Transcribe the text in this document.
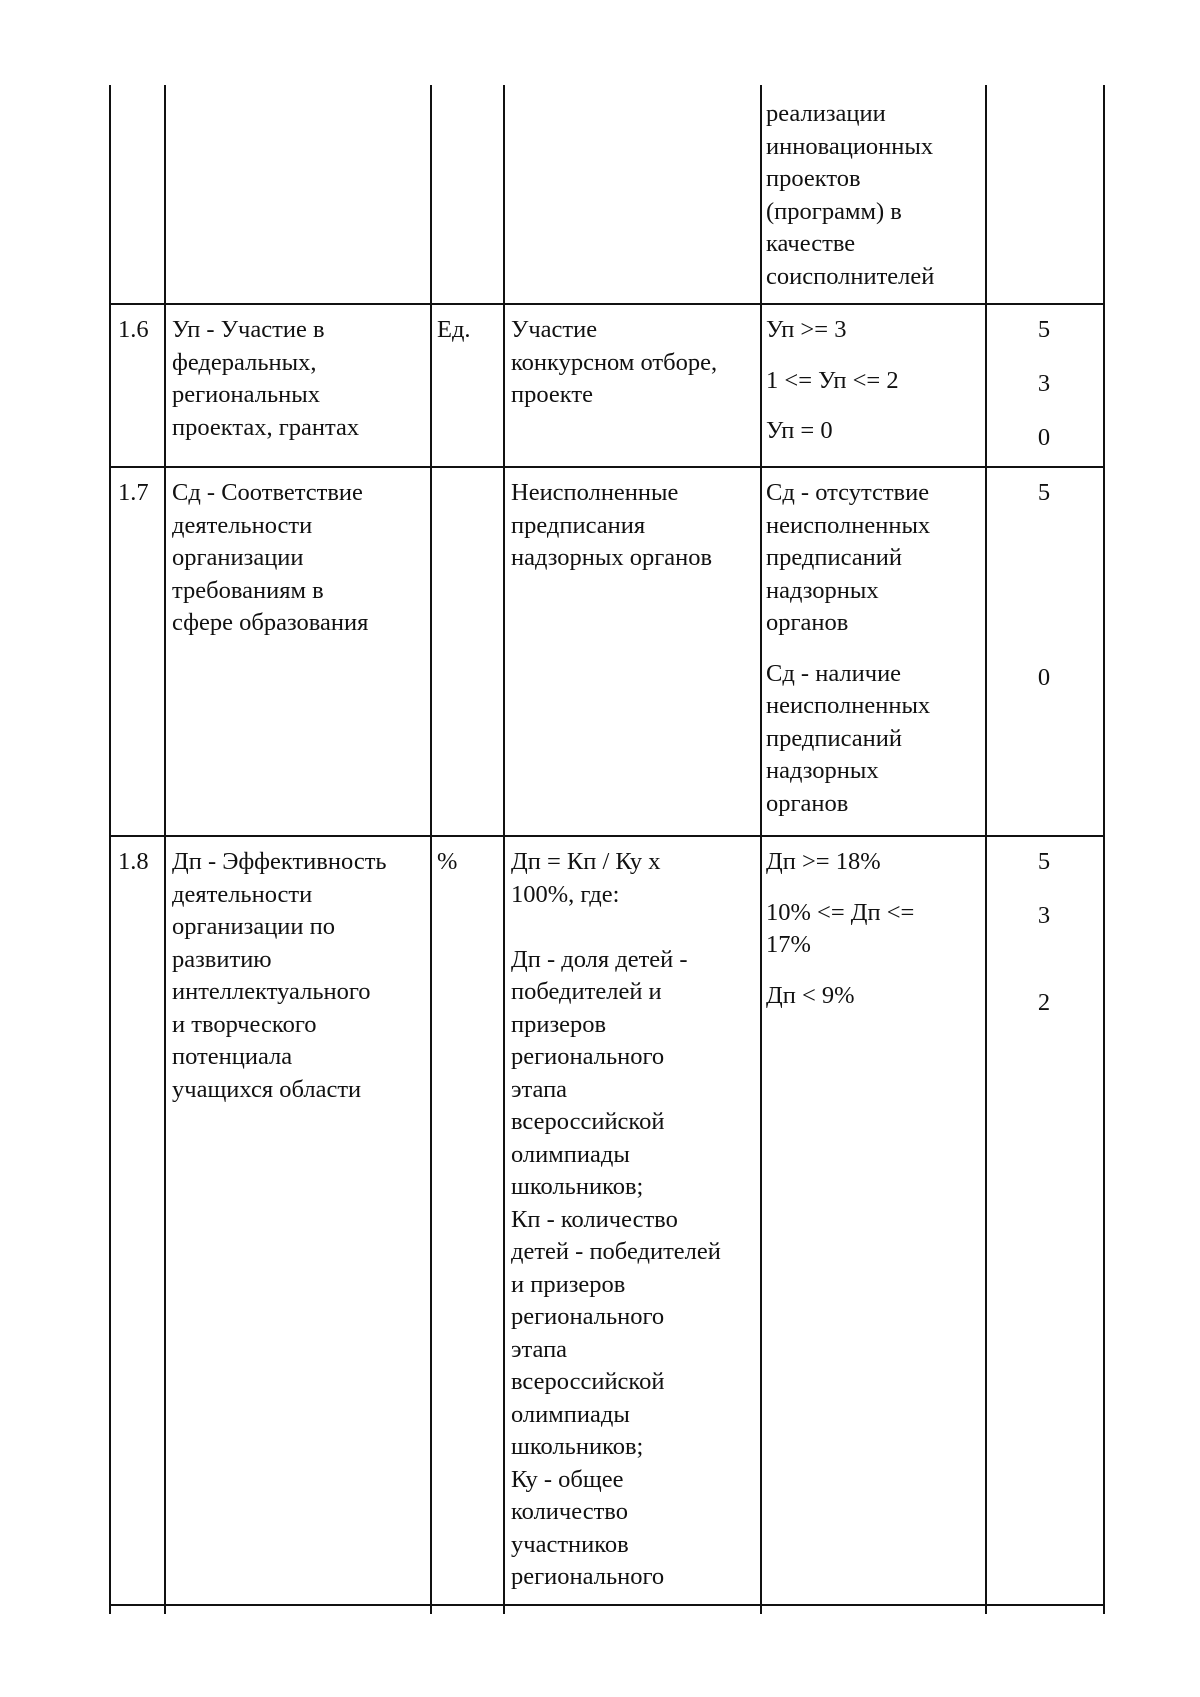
реализации
инновационных
проектов
(программ) в
качестве
соисполнителей
1.6 Уп - Участие в
федеральных,
региональных
проектах, грантах
Ед. Участие
конкурсном отборе,
проекте
Уп >= 3
1 <= Уп <= 2
Уп = 0
5
3
0
1.7 Сд - Соответствие
деятельности
организации
требованиям в
сфере образования
Неисполненные
предписания
надзорных органов
Сд - отсутствие
неисполненных
предписаний
надзорных
органов
Сд - наличие
неисполненных
предписаний
надзорных
органов
5
0
1.8 Дп - Эффективность
деятельности
организации по
развитию
интеллектуального
и творческого
потенциала
учащихся области
% Дп = Кп / Ку x
100%, где:
Дп - доля детей -
победителей и
призеров
регионального
этапа
всероссийской
олимпиады
школьников;
Кп - количество
детей - победителей
и призеров
регионального
этапа
всероссийской
олимпиады
школьников;
Ку - общее
количество
участников
регионального
Дп >= 18%
10% <= Дп <=
17%
Дп < 9%
5
3
2
